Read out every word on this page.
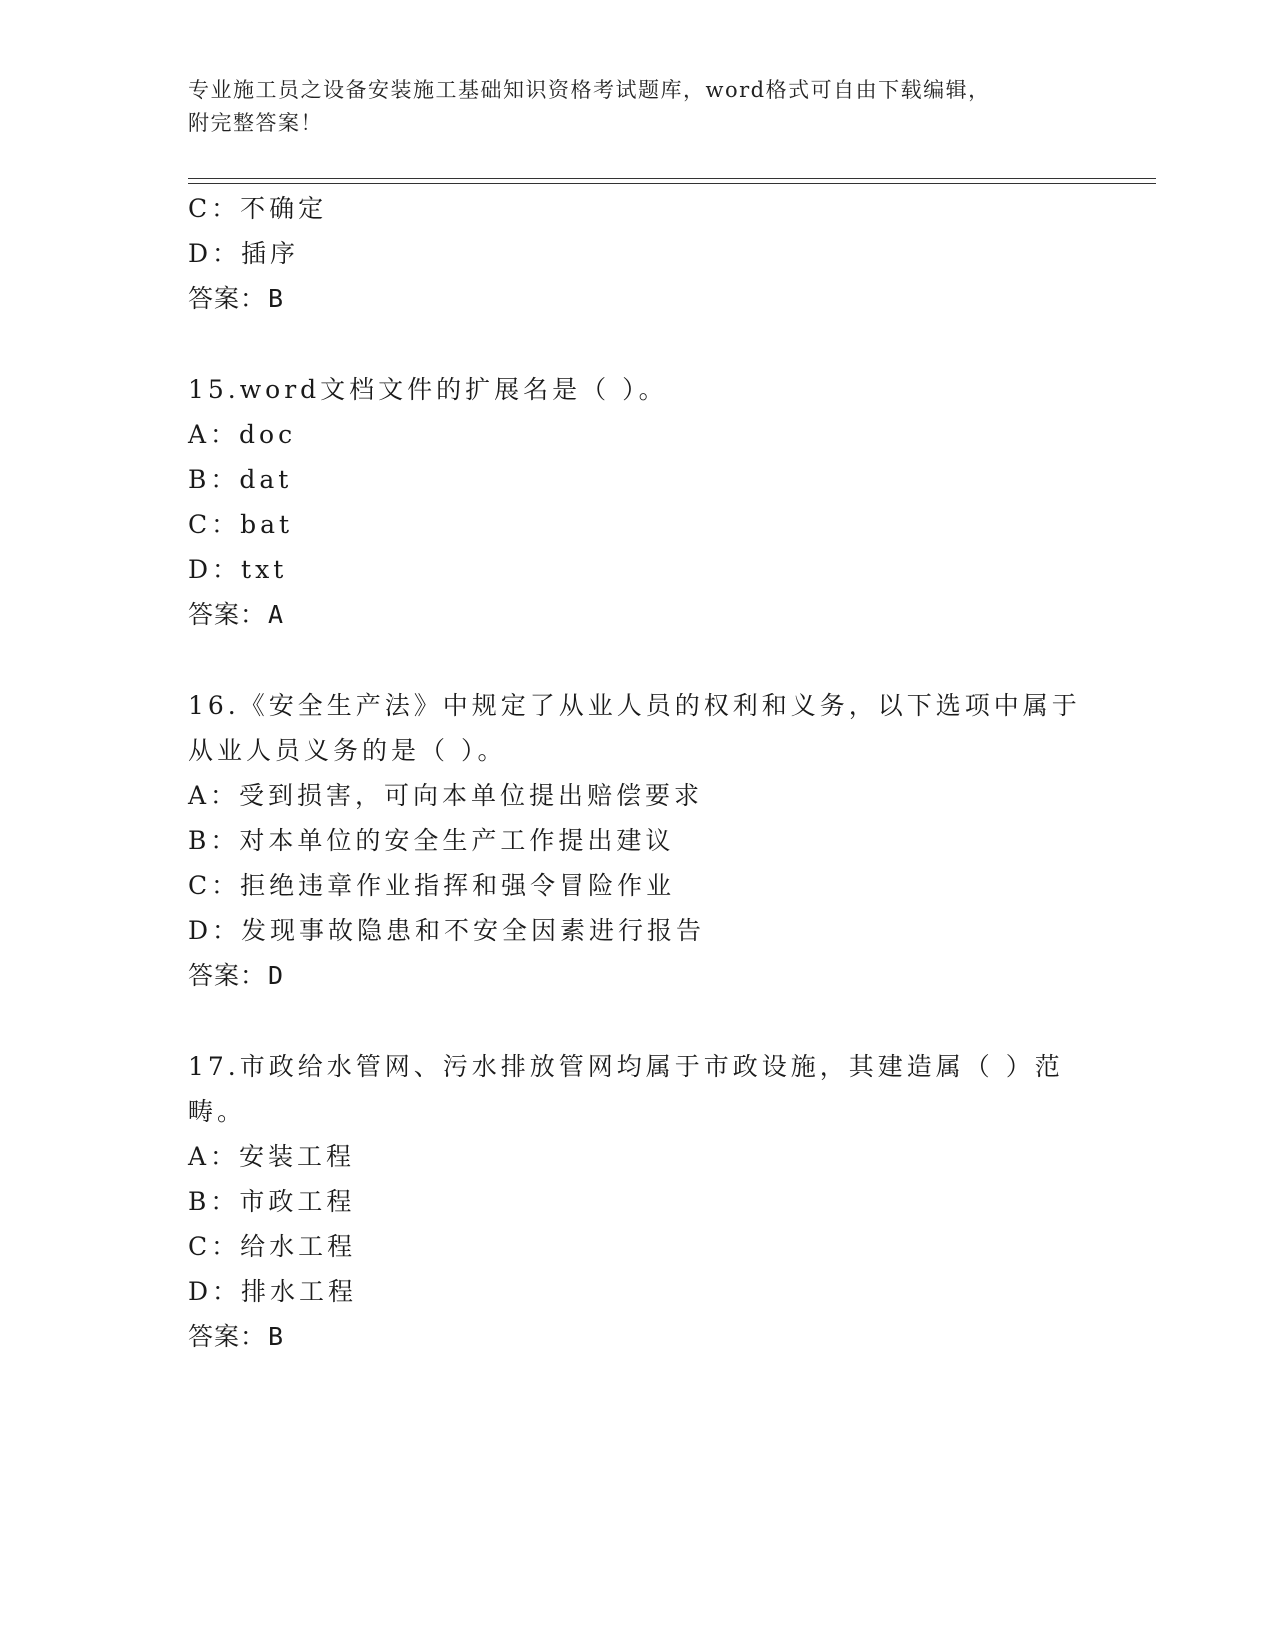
专业施工员之设备安装施工基础知识资格考试题库，word格式可自由下载编辑，
附完整答案！
C：不确定
D：插序
答案：B
15.word文档文件的扩展名是（ ）。
A：doc
B：dat
C：bat
D：txt
答案：A
16.《安全生产法》中规定了从业人员的权利和义务，以下选项中属于
从业人员义务的是（ ）。
A：受到损害，可向本单位提出赔偿要求
B：对本单位的安全生产工作提出建议
C：拒绝违章作业指挥和强令冒险作业
D：发现事故隐患和不安全因素进行报告
答案：D
17.市政给水管网、污水排放管网均属于市政设施，其建造属（ ）范
畴。
A：安装工程
B：市政工程
C：给水工程
D：排水工程
答案：B
